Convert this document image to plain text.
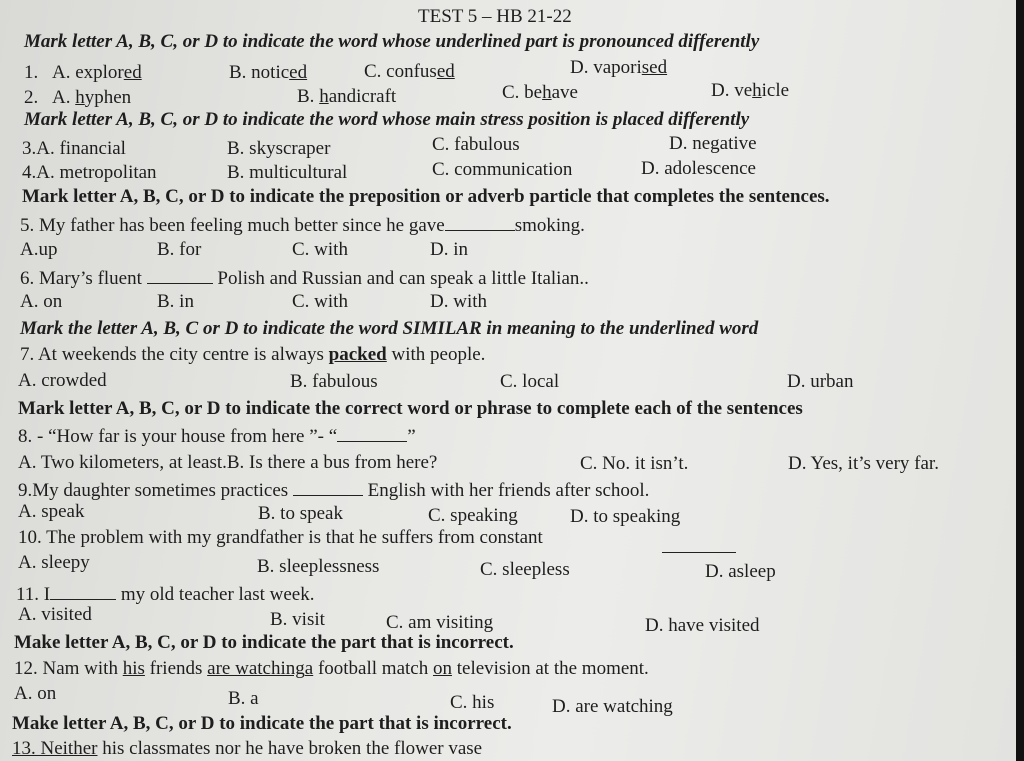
TEST 5 – HB 21-22
Mark letter A, B, C, or D to indicate the word whose underlined part is pronounced differently
1. A. explored	B. noticed	C. confused	D. vaporised
2. A. hyphen	B. handicraft	C. behave	D. vehicle
Mark letter A, B, C, or D to indicate the word whose main stress position is placed differently
3.A. financial	B. skyscraper	C. fabulous	D. negative
4.A. metropolitan	B. multicultural	C. communication	D. adolescence
Mark letter A, B, C, or D to indicate the preposition or adverb particle that completes the sentences.
5. My father has been feeling much better since he gave	smoking.
A.up	B. for	C. with	D. in
6. Mary’s fluent	Polish and Russian and can speak a little Italian..
A. on	B. in	C. with	D. with
Mark the letter A, B, C or D to indicate the word SIMILAR in meaning to the underlined word
7. At weekends the city centre is always packed with people.
A. crowded	B. fabulous	C. local	D. urban
Mark letter A, B, C, or D to indicate the correct word or phrase to complete each of the sentences
8. - “How far is your house from here ”- “	”
A. Two kilometers, at least.B. Is there a bus from here?	C. No. it isn’t.	D. Yes, it’s very far.
9.My daughter sometimes practices	English with her friends after school.
A. speak	B. to speak	C. speaking	D. to speaking
10. The problem with my grandfather is that he suffers from constant
A. sleepy	B. sleeplessness	C. sleepless	D. asleep
11. I	my old teacher last week.
A. visited	B. visit	C. am visiting	D. have visited
Make letter A, B, C, or D to indicate the part that is incorrect.
12. Nam with his friends are watchinga football match on television at the moment.
A. on	B. a	C. his	D. are watching
Make letter A, B, C, or D to indicate the part that is incorrect.
13. Neither his classmates nor he have broken the flower vase
